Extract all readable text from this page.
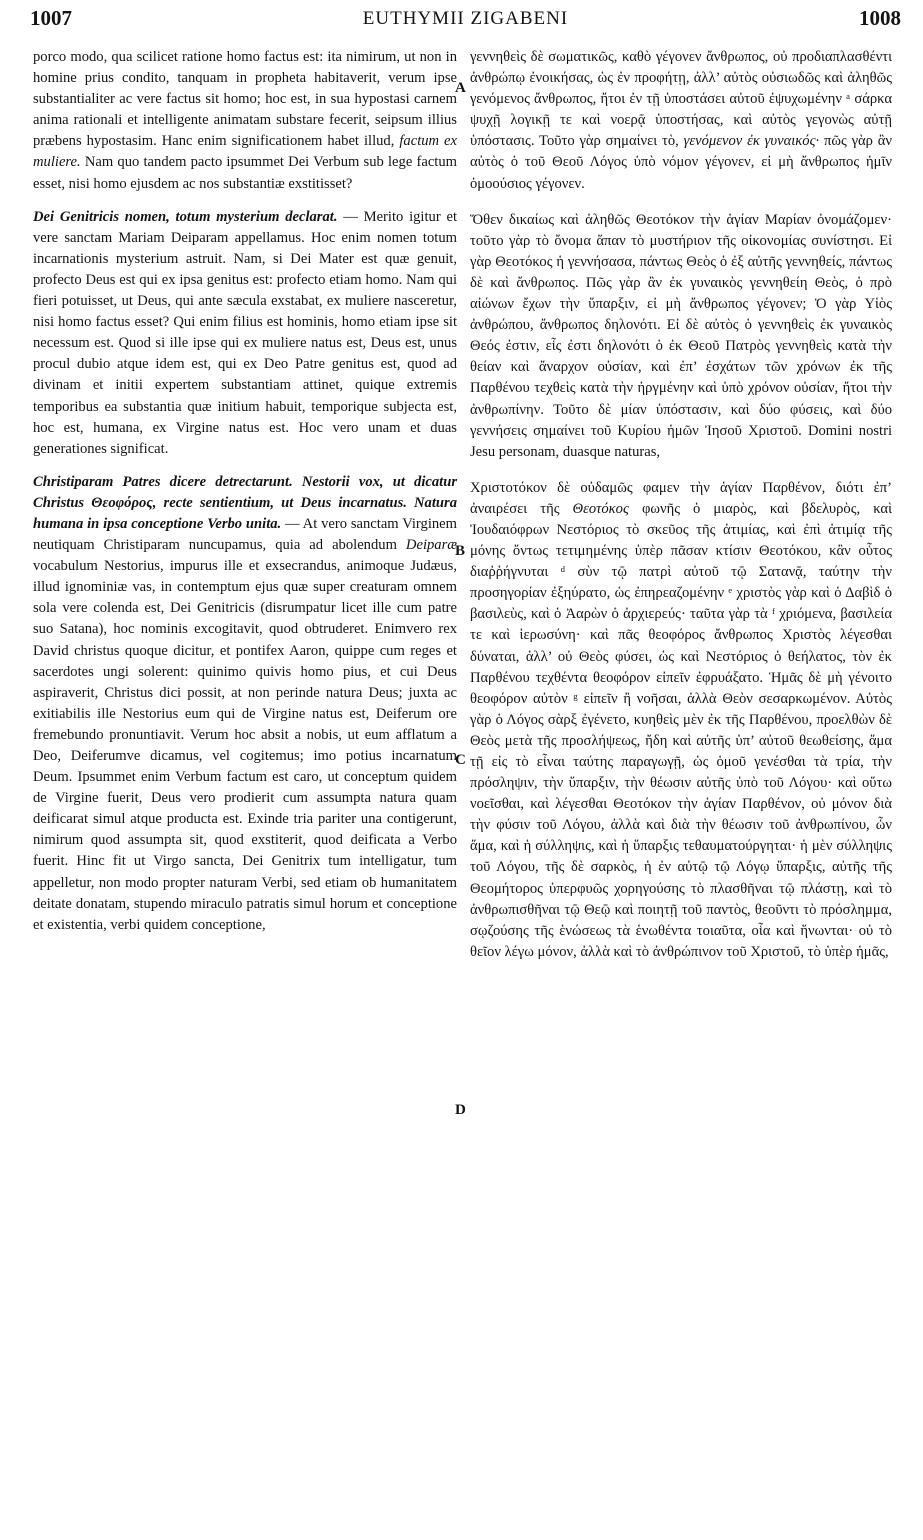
1007	EUTHYMII ZIGABENI	1008
A
B
C
D

porco modo, qua scilicet ratione homo factus est: ita nimirum, ut non in homine prius condito, tanquam in propheta habitaverit, verum ipse substantialiter ac vere factus sit homo; hoc est, in sua hypostasi carnem anima rationali et intelligente animatam substare fecerit, seipsum illius præbens hypostasim. Hanc enim significationem habet illud, factum ex muliere. Nam quo tandem pacto ipsummet Dei Verbum sub lege factum esset, nisi homo ejusdem ac nos substantiæ exstitisset?

Dei Genitricis nomen, totum mysterium declarat. — Merito igitur et vere sanctam Mariam Deiparam appellamus. Hoc enim nomen totum incarnationis mysterium astruit. Nam, si Dei Mater est quæ genuit, profecto Deus est qui ex ipsa genitus est: profecto etiam homo. Nam qui fieri potuisset, ut Deus, qui ante sæcula exstabat, ex muliere nasceretur, nisi homo factus esset? Qui enim filius est hominis, homo etiam ipse sit necessum est. Quod si ille ipse qui ex muliere natus est, Deus est, unus procul dubio atque idem est, qui ex Deo Patre genitus est, quod ad divinam et initii expertem substantiam attinet, quique extremis temporibus ea substantia quæ initium habuit, temporique subjecta est, hoc est, humana, ex Virgine natus est. Hoc vero unam et duas generationes significat.

Christiparam Patres dicere detrectarunt. Nestorii vox, ut dicatur Christus Θεοφόρος, recte sentientium, ut Deus incarnatus. Natura humana in ipsa conceptione Verbo unita. — At vero sanctam Virginem neutiquam Christiparam nuncupamus, quia ad abolendum Deiparæ vocabulum Nestorius, impurus ille et exsecrandus, animoque Judæus, illud ignominiæ vas, in contemptum ejus quæ super creaturam omnem sola vere colenda est, Dei Genitricis (disrumpatur licet ille cum patre suo Satana), hoc nominis excogitavit, quod obtruderet. Enimvero rex David christus quoque dicitur, et pontifex Aaron, quippe cum reges et sacerdotes ungi solerent: quinimo quivis homo pius, et cui Deus aspiraverit, Christus dici possit, at non perinde natura Deus; juxta ac exitiabilis ille Nestorius eum qui de Virgine natus est, Deiferum ore fremebundo pronuntiavit. Verum hoc absit a nobis, ut eum afflatum a Deo, Deiferumve dicamus, vel cogitemus; imo potius incarnatum Deum. Ipsummet enim Verbum factum est caro, ut conceptum quidem de Virgine fuerit, Deus vero prodierit cum assumpta natura quam deificarat simul atque producta est. Exinde tria pariter una contigerunt, nimirum quod assumpta sit, quod exstiterit, quod deificata a Verbo fuerit. Hinc fit ut Virgo sancta, Dei Genitrix tum intelligatur, tum appelletur, non modo propter naturam Verbi, sed etiam ob humanitatem deitate donatam, stupendo miraculo patratis simul horum et conceptione et existentia, verbi quidem conceptione,

γεννηθεὶς δὲ σωματικῶς, καθὸ γέγονεν ἄνθρωπος, οὐ προδιαπλασθέντι ἀνθρώπῳ ἐνοικήσας, ὡς ἐν προφήτῃ, ἀλλ’ αὐτὸς οὐσιωδῶς καὶ ἀληθῶς γενόμενος ἄνθρωπος, ἤτοι ἐν τῇ ὑποστάσει αὐτοῦ ἐψυχωμένην ᵃ σάρκα ψυχῇ λογικῇ τε καὶ νοερᾷ ὑποστήσας, καὶ αὐτὸς γεγονὼς αὐτῇ ὑπόστασις. Τοῦτο γὰρ σημαίνει τὸ, γενόμενον ἐκ γυναικός· πῶς γὰρ ἂν αὐτὸς ὁ τοῦ Θεοῦ Λόγος ὑπὸ νόμον γέγονεν, εἰ μὴ ἄνθρωπος ἡμῖν ὁμοούσιος γέγονεν.

Ὅθεν δικαίως καὶ ἀληθῶς Θεοτόκον τὴν ἁγίαν Μαρίαν ὀνομάζομεν· τοῦτο γὰρ τὸ ὄνομα ἅπαν τὸ μυστήριον τῆς οἰκονομίας συνίστησι. Εἰ γὰρ Θεοτόκος ἡ γεννήσασα, πάντως Θεὸς ὁ ἐξ αὐτῆς γεννηθείς, πάντως δὲ καὶ ἄνθρωπος. Πῶς γὰρ ἂν ἐκ γυναικὸς γεννηθείη Θεὸς, ὁ πρὸ αἰώνων ἔχων τὴν ὕπαρξιν, εἰ μὴ ἄνθρωπος γέγονεν; Ὁ γὰρ Υἱὸς ἀνθρώπου, ἄνθρωπος δηλονότι. Εἰ δὲ αὐτὸς ὁ γεννηθεὶς ἐκ γυναικὸς Θεός ἐστιν, εἷς ἐστι δηλονότι ὁ ἐκ Θεοῦ Πατρὸς γεννηθεὶς κατὰ τὴν θείαν καὶ ἄναρχον οὐσίαν, καὶ ἐπ’ ἐσχάτων τῶν χρόνων ἐκ τῆς Παρθένου τεχθεὶς κατὰ τὴν ἠργμένην καὶ ὑπὸ χρόνον οὐσίαν, ἤτοι τὴν ἀνθρωπίνην. Τοῦτο δὲ μίαν ὑπόστασιν, καὶ δύο φύσεις, καὶ δύο γεννήσεις σημαίνει τοῦ Κυρίου ἡμῶν Ἰησοῦ Χριστοῦ. Domini nostri Jesu personam, duasque naturas,

Χριστοτόκον δὲ οὐδαμῶς φαμεν τὴν ἁγίαν Παρθένον, διότι ἐπ’ ἀναιρέσει τῆς Θεοτόκος φωνῆς ὁ μιαρὸς, καὶ βδελυρὸς, καὶ Ἰουδαιόφρων Νεστόριος τὸ σκεῦος τῆς ἀτιμίας, καὶ ἐπὶ ἀτιμίᾳ τῆς μόνης ὄντως τετιμημένης ὑπὲρ πᾶσαν κτίσιν Θεοτόκου, κἂν οὗτος διαῤῥήγνυται ᵈ σὺν τῷ πατρὶ αὐτοῦ τῷ Σατανᾷ, ταύτην τὴν προσηγορίαν ἐξηύρατο, ὡς ἐπηρεαζομένην ᵉ χριστὸς γὰρ καὶ ὁ Δαβὶδ ὁ βασιλεὺς, καὶ ὁ Ἀαρὼν ὁ ἀρχιερεύς· ταῦτα γὰρ τὰ ᶠ χριόμενα, βασιλεία τε καὶ ἱερωσύνη· καὶ πᾶς θεοφόρος ἄνθρωπος Χριστὸς λέγεσθαι δύναται, ἀλλ’ οὐ Θεὸς φύσει, ὡς καὶ Νεστόριος ὁ θεήλατος, τὸν ἐκ Παρθένου τεχθέντα θεοφόρον εἰπεῖν ἐφρυάξατο. Ἡμᾶς δὲ μὴ γένοιτο θεοφόρον αὐτὸν ᵍ εἰπεῖν ἢ νοῆσαι, ἀλλὰ Θεὸν σεσαρκωμένον. Αὐτὸς γὰρ ὁ Λόγος σὰρξ ἐγένετο, κυηθεὶς μὲν ἐκ τῆς Παρθένου, προελθὼν δὲ Θεὸς μετὰ τῆς προσλήψεως, ἤδη καὶ αὐτῆς ὑπ’ αὐτοῦ θεωθείσης, ἅμα τῇ εἰς τὸ εἶναι ταύτης παραγωγῇ, ὡς ὁμοῦ γενέσθαι τὰ τρία, τὴν πρόσληψιν, τὴν ὕπαρξιν, τὴν θέωσιν αὐτῆς ὑπὸ τοῦ Λόγου· καὶ οὕτω νοεῖσθαι, καὶ λέγεσθαι Θεοτόκον τὴν ἁγίαν Παρθένον, οὐ μόνον διὰ τὴν φύσιν τοῦ Λόγου, ἀλλὰ καὶ διὰ τὴν θέωσιν τοῦ ἀνθρωπίνου, ὧν ἅμα, καὶ ἡ σύλληψις, καὶ ἡ ὕπαρξις τεθαυματούργηται· ἡ μὲν σύλληψις τοῦ Λόγου, τῆς δὲ σαρκὸς, ἡ ἐν αὐτῷ τῷ Λόγῳ ὕπαρξις, αὐτῆς τῆς Θεομήτορος ὑπερφυῶς χορηγούσης τὸ πλασθῆναι τῷ πλάστῃ, καὶ τὸ ἀνθρωπισθῆναι τῷ Θεῷ καὶ ποιητῇ τοῦ παντὸς, θεοῦντι τὸ πρόσλημμα, σῳζούσης τῆς ἑνώσεως τὰ ἑνωθέντα τοιαῦτα, οἷα καὶ ἥνωνται· οὐ τὸ θεῖον λέγω μόνον, ἀλλὰ καὶ τὸ ἀνθρώπινον τοῦ Χριστοῦ, τὸ ὑπὲρ ἡμᾶς,
